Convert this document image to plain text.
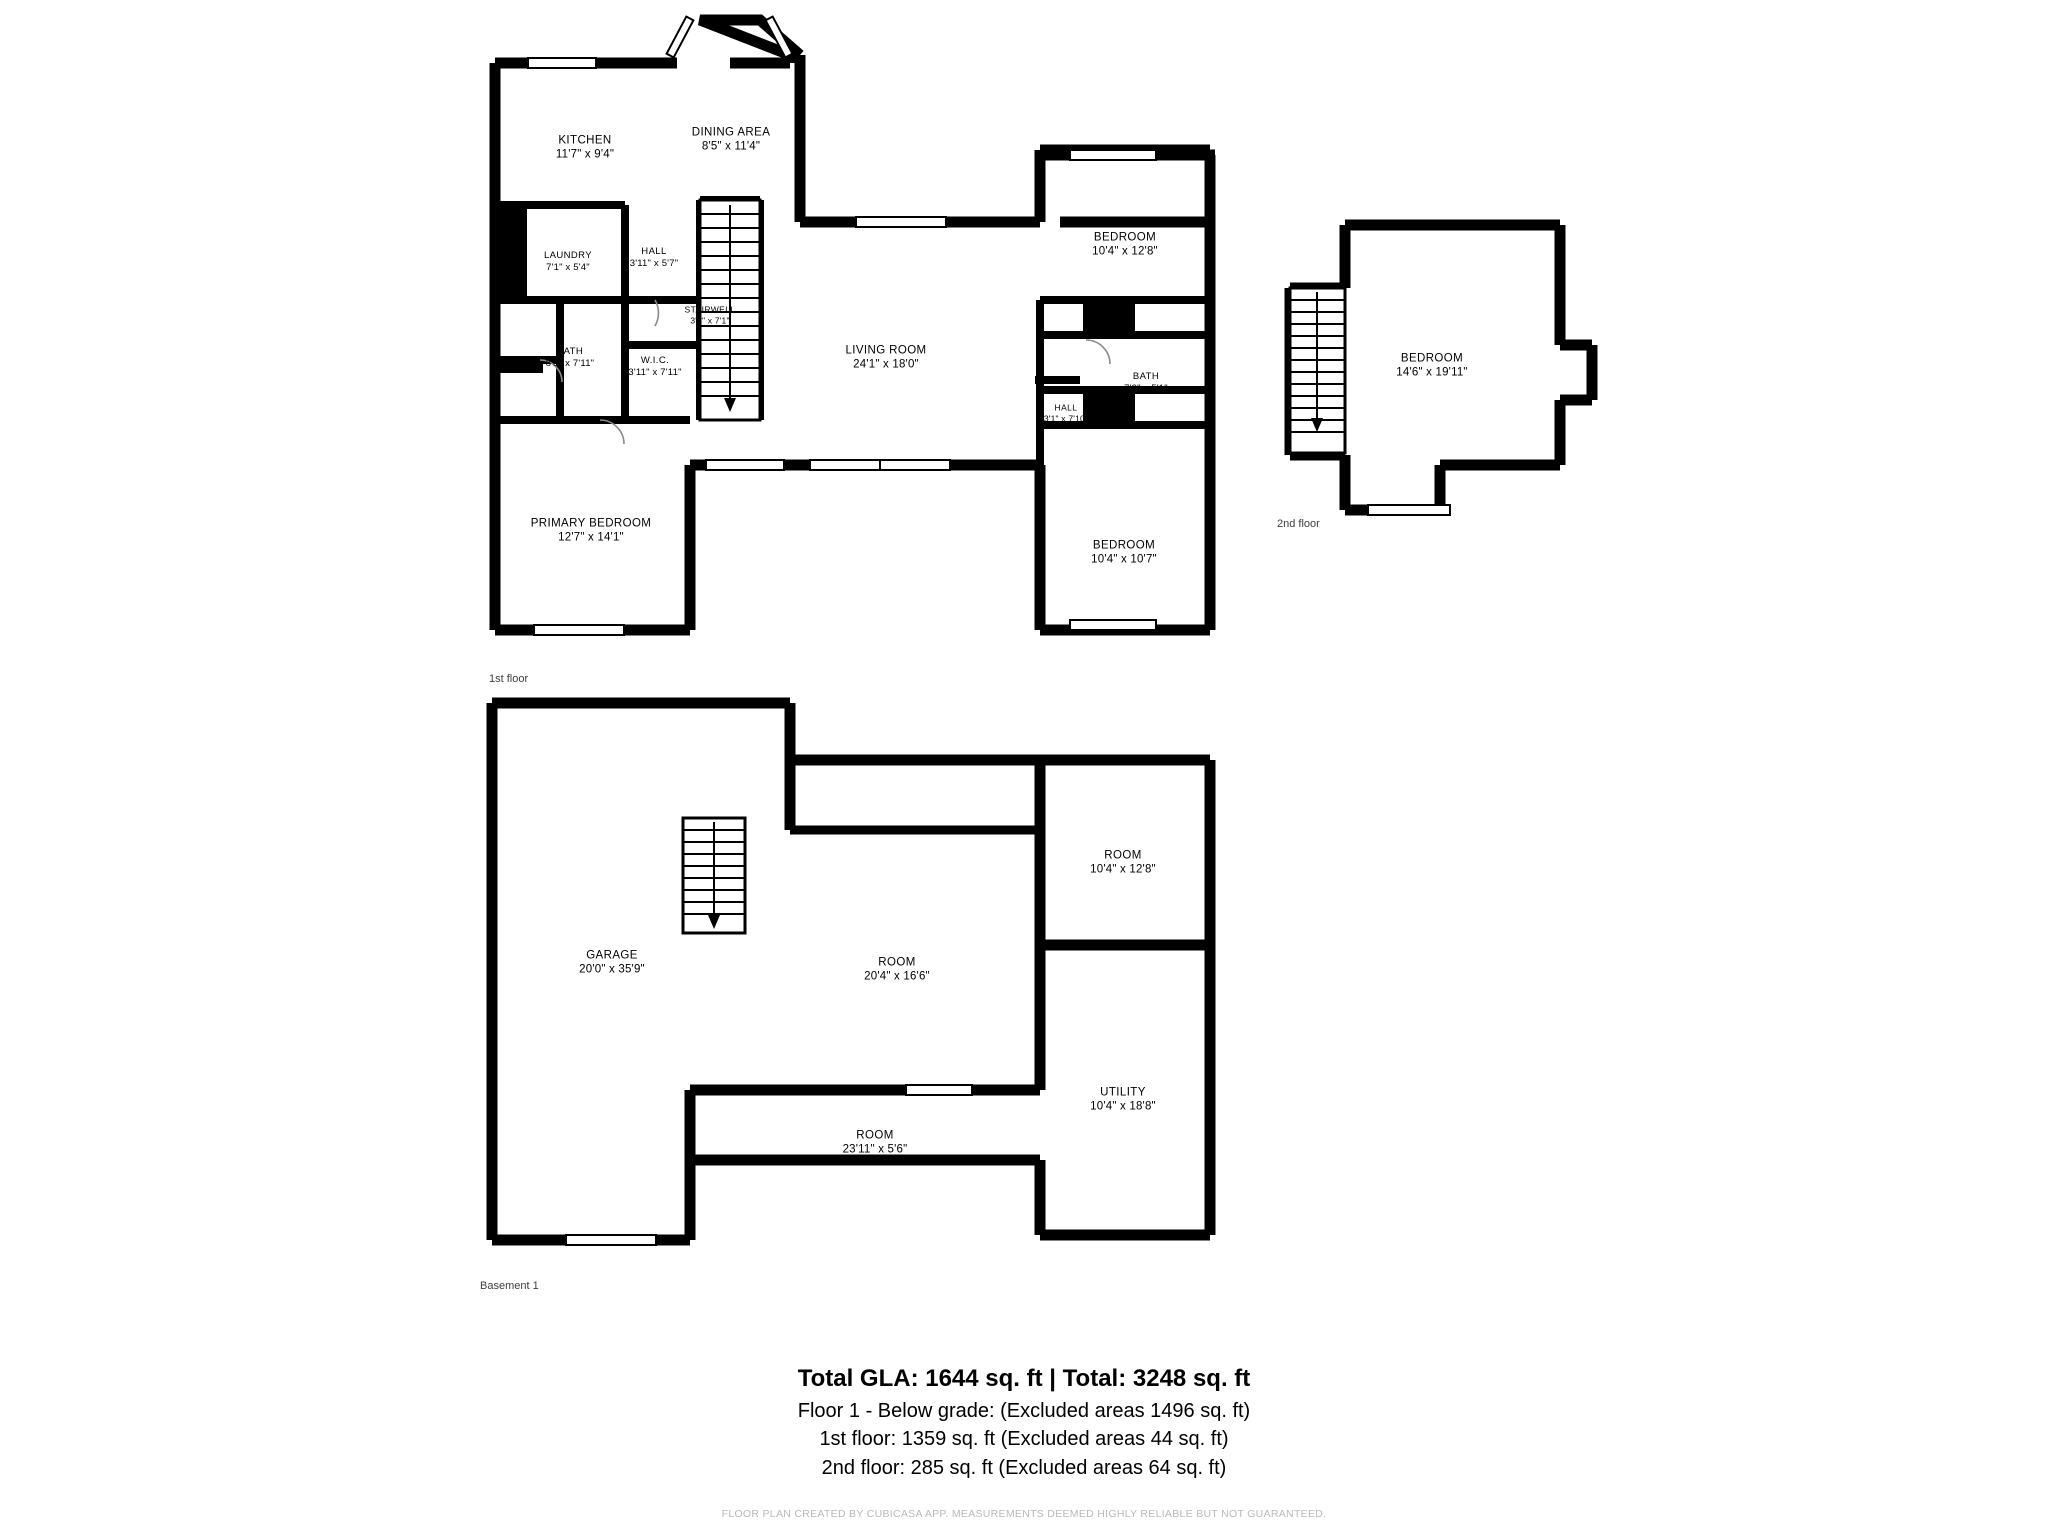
KITCHEN
11'7" x 9'4"
DINING AREA
8'5" x 11'4"
LAUNDRY
7'1" x 5'4"
HALL
3'11" x 5'7"
STAIRWELL
3'3" x 7'1"
BATH
8'5" x 7'11"	W.I.C.
3'11" x 7'11"
PRIMARY BEDROOM
12'7" x 14'1"
LIVING ROOM
24'1" x 18'0"
BEDROOM
10'4" x 12'8"
BATH
7'2" x 5'1"
HALL
3'1" x 7'10"
BEDROOM
10'4" x 10'7"
1st floor
BEDROOM
14'6" x 19'11"
2nd floor
GARAGE
20'0" x 35'9"
ROOM
20'4" x 16'6"
ROOM
10'4" x 12'8"
UTILITY
10'4" x 18'8"
ROOM
23'11" x 5'6"
Basement 1
Total GLA: 1644 sq. ft | Total: 3248 sq. ft
Floor 1 - Below grade: (Excluded areas 1496 sq. ft)
1st floor: 1359 sq. ft (Excluded areas 44 sq. ft)
2nd floor: 285 sq. ft (Excluded areas 64 sq. ft)
FLOOR PLAN CREATED BY CUBICASA APP. MEASUREMENTS DEEMED HIGHLY RELIABLE BUT NOT GUARANTEED.
